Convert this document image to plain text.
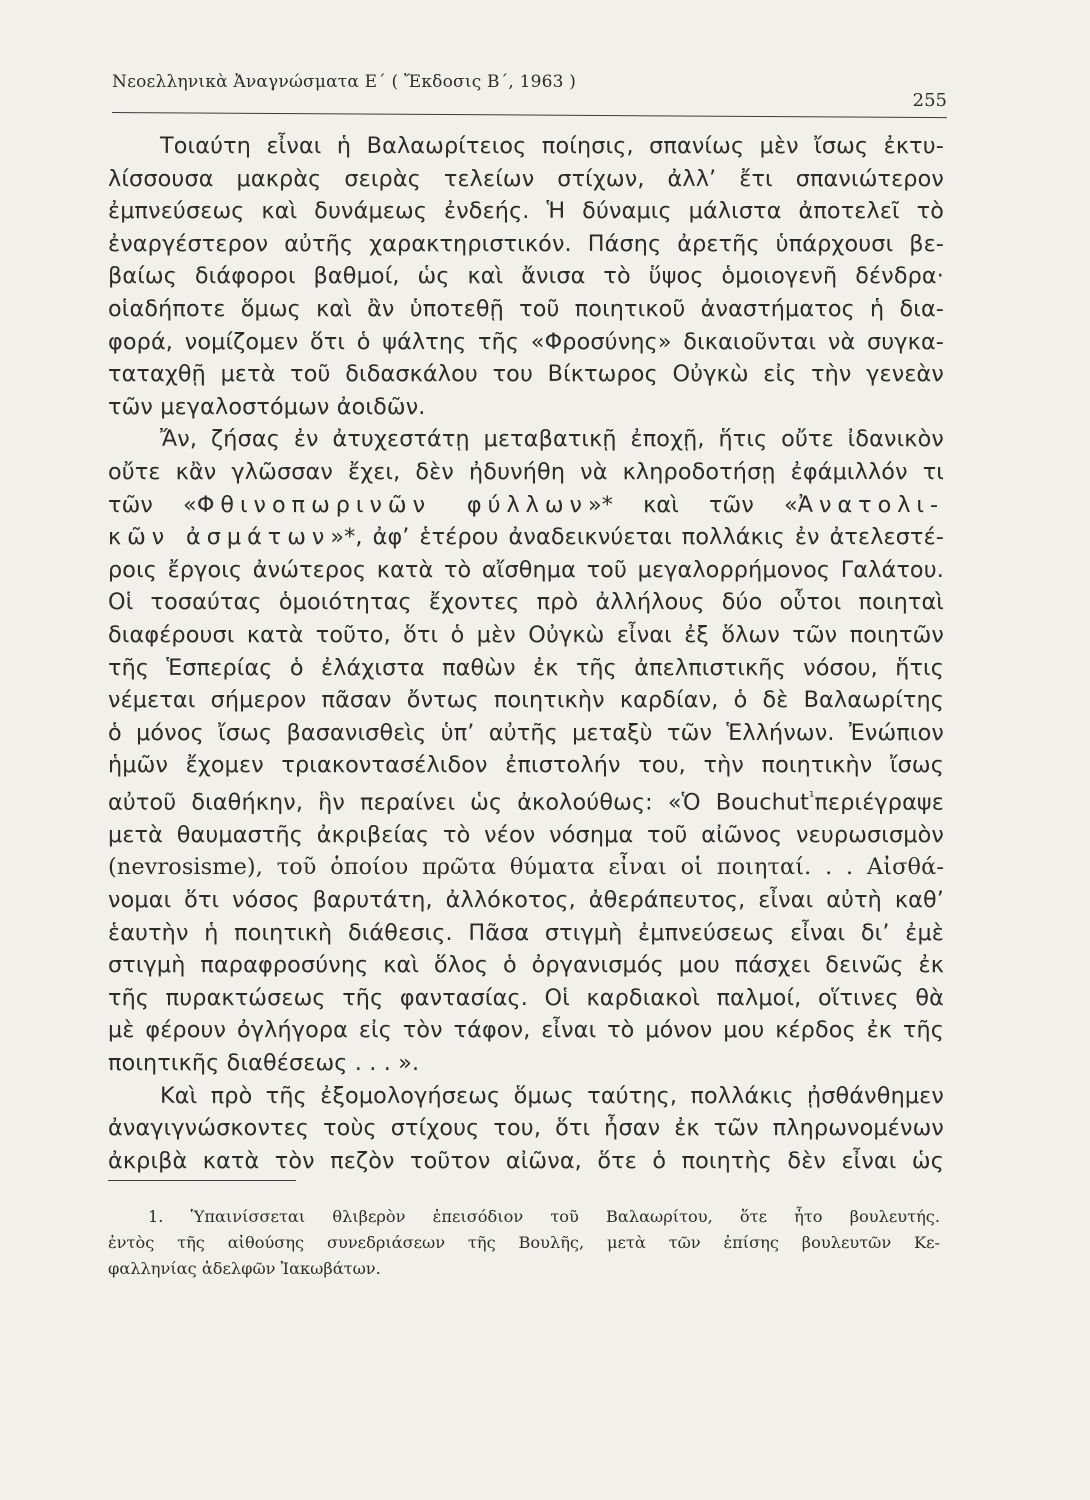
Νεοελληνικὰ Ἀναγνώσματα Ε΄ ( Ἔκδοσις Β΄, 1963 )
255

Τοιαύτη εἶναι ἡ Βαλαωρίτειος ποίησις, σπανίως μὲν ἴσως ἐκτυ-

λίσσουσα μακρὰς σειρὰς τελείων στίχων, ἀλλ’ ἔτι σπανιώτερον

ἐμπνεύσεως καὶ δυνάμεως ἐνδεής. Ἡ δύναμις μάλιστα ἀποτελεῖ τὸ

ἐναργέστερον αὐτῆς χαρακτηριστικόν. Πάσης ἀρετῆς ὑπάρχουσι βε-

βαίως διάφοροι βαθμοί, ὡς καὶ ἄνισα τὸ ὕψος ὁμοιογενῆ δένδρα·

οἱαδήποτε ὅμως καὶ ἂν ὑποτεθῇ τοῦ ποιητικοῦ ἀναστήματος ἡ δια-

φορά, νομίζομεν ὅτι ὁ ψάλτης τῆς «Φροσύνης» δικαιοῦνται νὰ συγκα-

ταταχθῇ μετὰ τοῦ διδασκάλου του Βίκτωρος Οὐγκὼ εἰς τὴν γενεὰν

τῶν μεγαλοστόμων ἀοιδῶν.

Ἄν, ζήσας ἐν ἀτυχεστάτῃ μεταβατικῇ ἐποχῇ, ἥτις οὔτε ἰδανικὸν

οὔτε κἂν γλῶσσαν ἔχει, δὲν ἠδυνήθη νὰ κληροδοτήσῃ ἐφάμιλλόν τι

τῶν «Φθινοπωρινῶν φύλλων»* καὶ τῶν «Ἀνατολι-

κῶν ἀσμάτων»*, ἀφ’ ἑτέρου ἀναδεικνύεται πολλάκις ἐν ἀτελεστέ-

ροις ἔργοις ἀνώτερος κατὰ τὸ αἴσθημα τοῦ μεγαλορρήμονος Γαλάτου.

Οἱ τοσαύτας ὁμοιότητας ἔχοντες πρὸ ἀλλήλους δύο οὗτοι ποιηταὶ

διαφέρουσι κατὰ τοῦτο, ὅτι ὁ μὲν Οὐγκὼ εἶναι ἐξ ὅλων τῶν ποιητῶν

τῆς Ἑσπερίας ὁ ἐλάχιστα παθὼν ἐκ τῆς ἀπελπιστικῆς νόσου, ἥτις

νέμεται σήμερον πᾶσαν ὄντως ποιητικὴν καρδίαν, ὁ δὲ Βαλαωρίτης

ὁ μόνος ἴσως βασανισθεὶς ὑπ’ αὐτῆς μεταξὺ τῶν Ἑλλήνων. Ἐνώπιον

ἡμῶν ἔχομεν τριακοντασέλιδον ἐπιστολήν του, τὴν ποιητικὴν ἴσως

αὐτοῦ διαθήκην, ἣν περαίνει ὡς ἀκολούθως: «Ὁ Bouchut$^{^1}$περιέγραψε

μετὰ θαυμαστῆς ἀκριβείας τὸ νέον νόσημα τοῦ αἰῶνος νευρωσισμὸν

(nevrosisme), τοῦ ὁποίου πρῶτα θύματα εἶναι οἱ ποιηταί. . . Αἰσθά-

νομαι ὅτι νόσος βαρυτάτη, ἀλλόκοτος, ἀθεράπευτος, εἶναι αὐτὴ καθ’

ἑαυτὴν ἡ ποιητικὴ διάθεσις. Πᾶσα στιγμὴ ἐμπνεύσεως εἶναι δι’ ἐμὲ

στιγμὴ παραφροσύνης καὶ ὅλος ὁ ὀργανισμός μου πάσχει δεινῶς ἐκ

τῆς πυρακτώσεως τῆς φαντασίας. Οἱ καρδιακοὶ παλμοί, οἵτινες θὰ

μὲ φέρουν ὀγλήγορα εἰς τὸν τάφον, εἶναι τὸ μόνον μου κέρδος ἐκ τῆς

ποιητικῆς διαθέσεως . . . ».

Καὶ πρὸ τῆς ἐξομολογήσεως ὅμως ταύτης, πολλάκις ᾐσθάνθημεν

ἀναγιγνώσκοντες τοὺς στίχους του, ὅτι ἦσαν ἐκ τῶν πληρωνομένων

ἀκριβὰ κατὰ τὸν πεζὸν τοῦτον αἰῶνα, ὅτε ὁ ποιητὴς δὲν εἶναι ὡς

1. Ὑπαινίσσεται θλιβερὸν ἐπεισόδιον τοῦ Βαλαωρίτου, ὅτε ἦτο βουλευτής.

ἐντὸς τῆς αἰθούσης συνεδριάσεων τῆς Βουλῆς, μετὰ τῶν ἐπίσης βουλευτῶν Κε-

φαλληνίας ἀδελφῶν Ἰακωβάτων.
